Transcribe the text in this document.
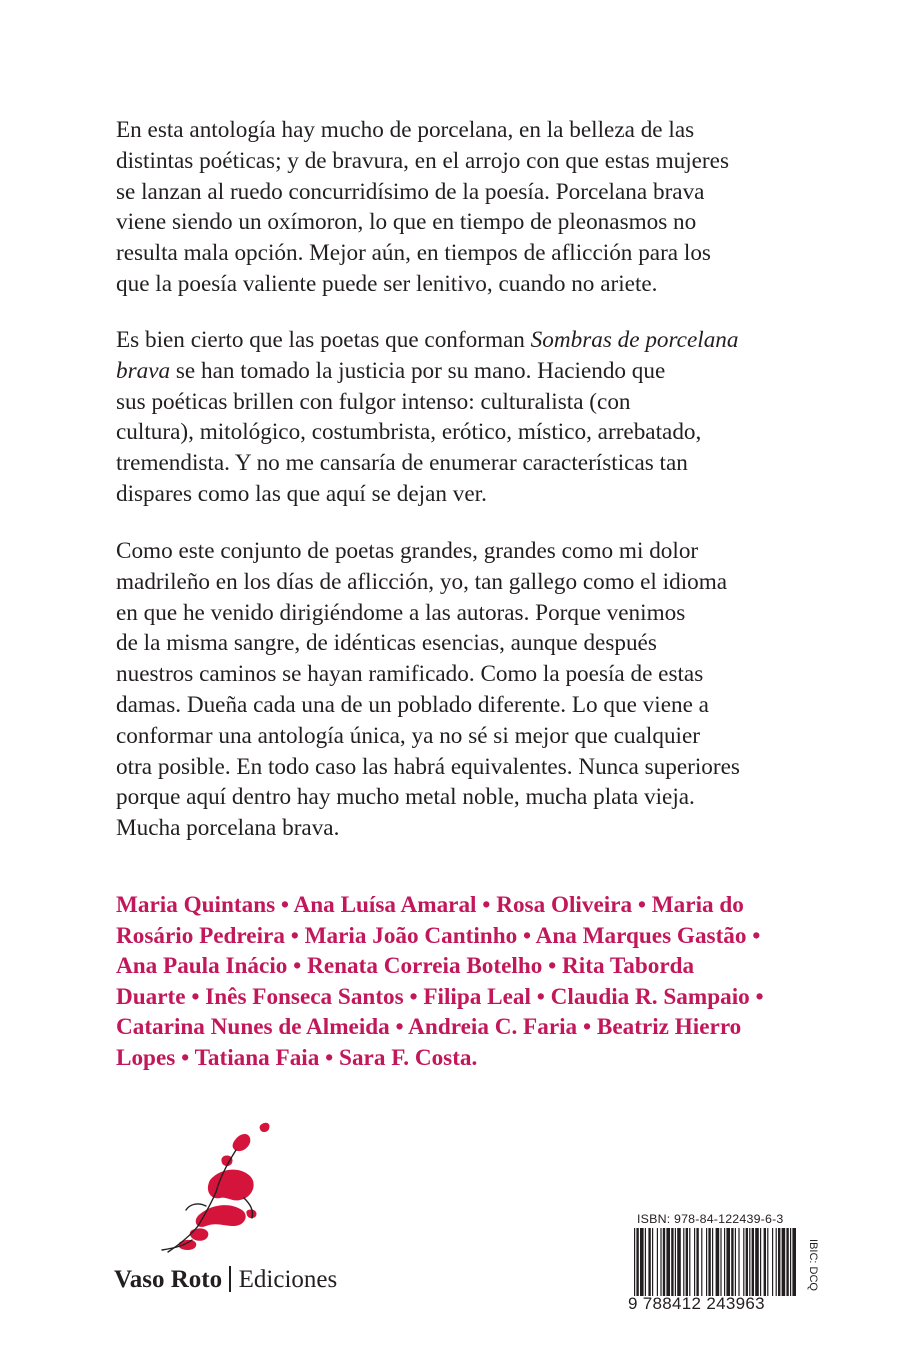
En esta antología hay mucho de porcelana, en la belleza de las
distintas poéticas; y de bravura, en el arrojo con que estas mujeres
se lanzan al ruedo concurridísimo de la poesía. Porcelana brava
viene siendo un oxímoron, lo que en tiempo de pleonasmos no
resulta mala opción. Mejor aún, en tiempos de aflicción para los
que la poesía valiente puede ser lenitivo, cuando no ariete.

Es bien cierto que las poetas que conforman Sombras de porcelana
brava se han tomado la justicia por su mano. Haciendo que
sus poéticas brillen con fulgor intenso: culturalista (con
cultura), mitológico, costumbrista, erótico, místico, arrebatado,
tremendista. Y no me cansaría de enumerar características tan
dispares como las que aquí se dejan ver.

Como este conjunto de poetas grandes, grandes como mi dolor
madrileño en los días de aflicción, yo, tan gallego como el idioma
en que he venido dirigiéndome a las autoras. Porque venimos
de la misma sangre, de idénticas esencias, aunque después
nuestros caminos se hayan ramificado. Como la poesía de estas
damas. Dueña cada una de un poblado diferente. Lo que viene a
conformar una antología única, ya no sé si mejor que cualquier
otra posible. En todo caso las habrá equivalentes. Nunca superiores
porque aquí dentro hay mucho metal noble, mucha plata vieja.
Mucha porcelana brava.

Maria Quintans • Ana Luísa Amaral • Rosa Oliveira • Maria do
Rosário Pedreira • Maria João Cantinho • Ana Marques Gastão •
Ana Paula Inácio • Renata Correia Botelho • Rita Taborda
Duarte • Inês Fonseca Santos • Filipa Leal • Claudia R. Sampaio •
Catarina Nunes de Almeida • Andreia C. Faria • Beatriz Hierro
Lopes • Tatiana Faia • Sara F. Costa.

Vaso Roto Ediciones
ISBN: 978-84-122439-6-3
9 788412 243963
IBIC: DCQ
